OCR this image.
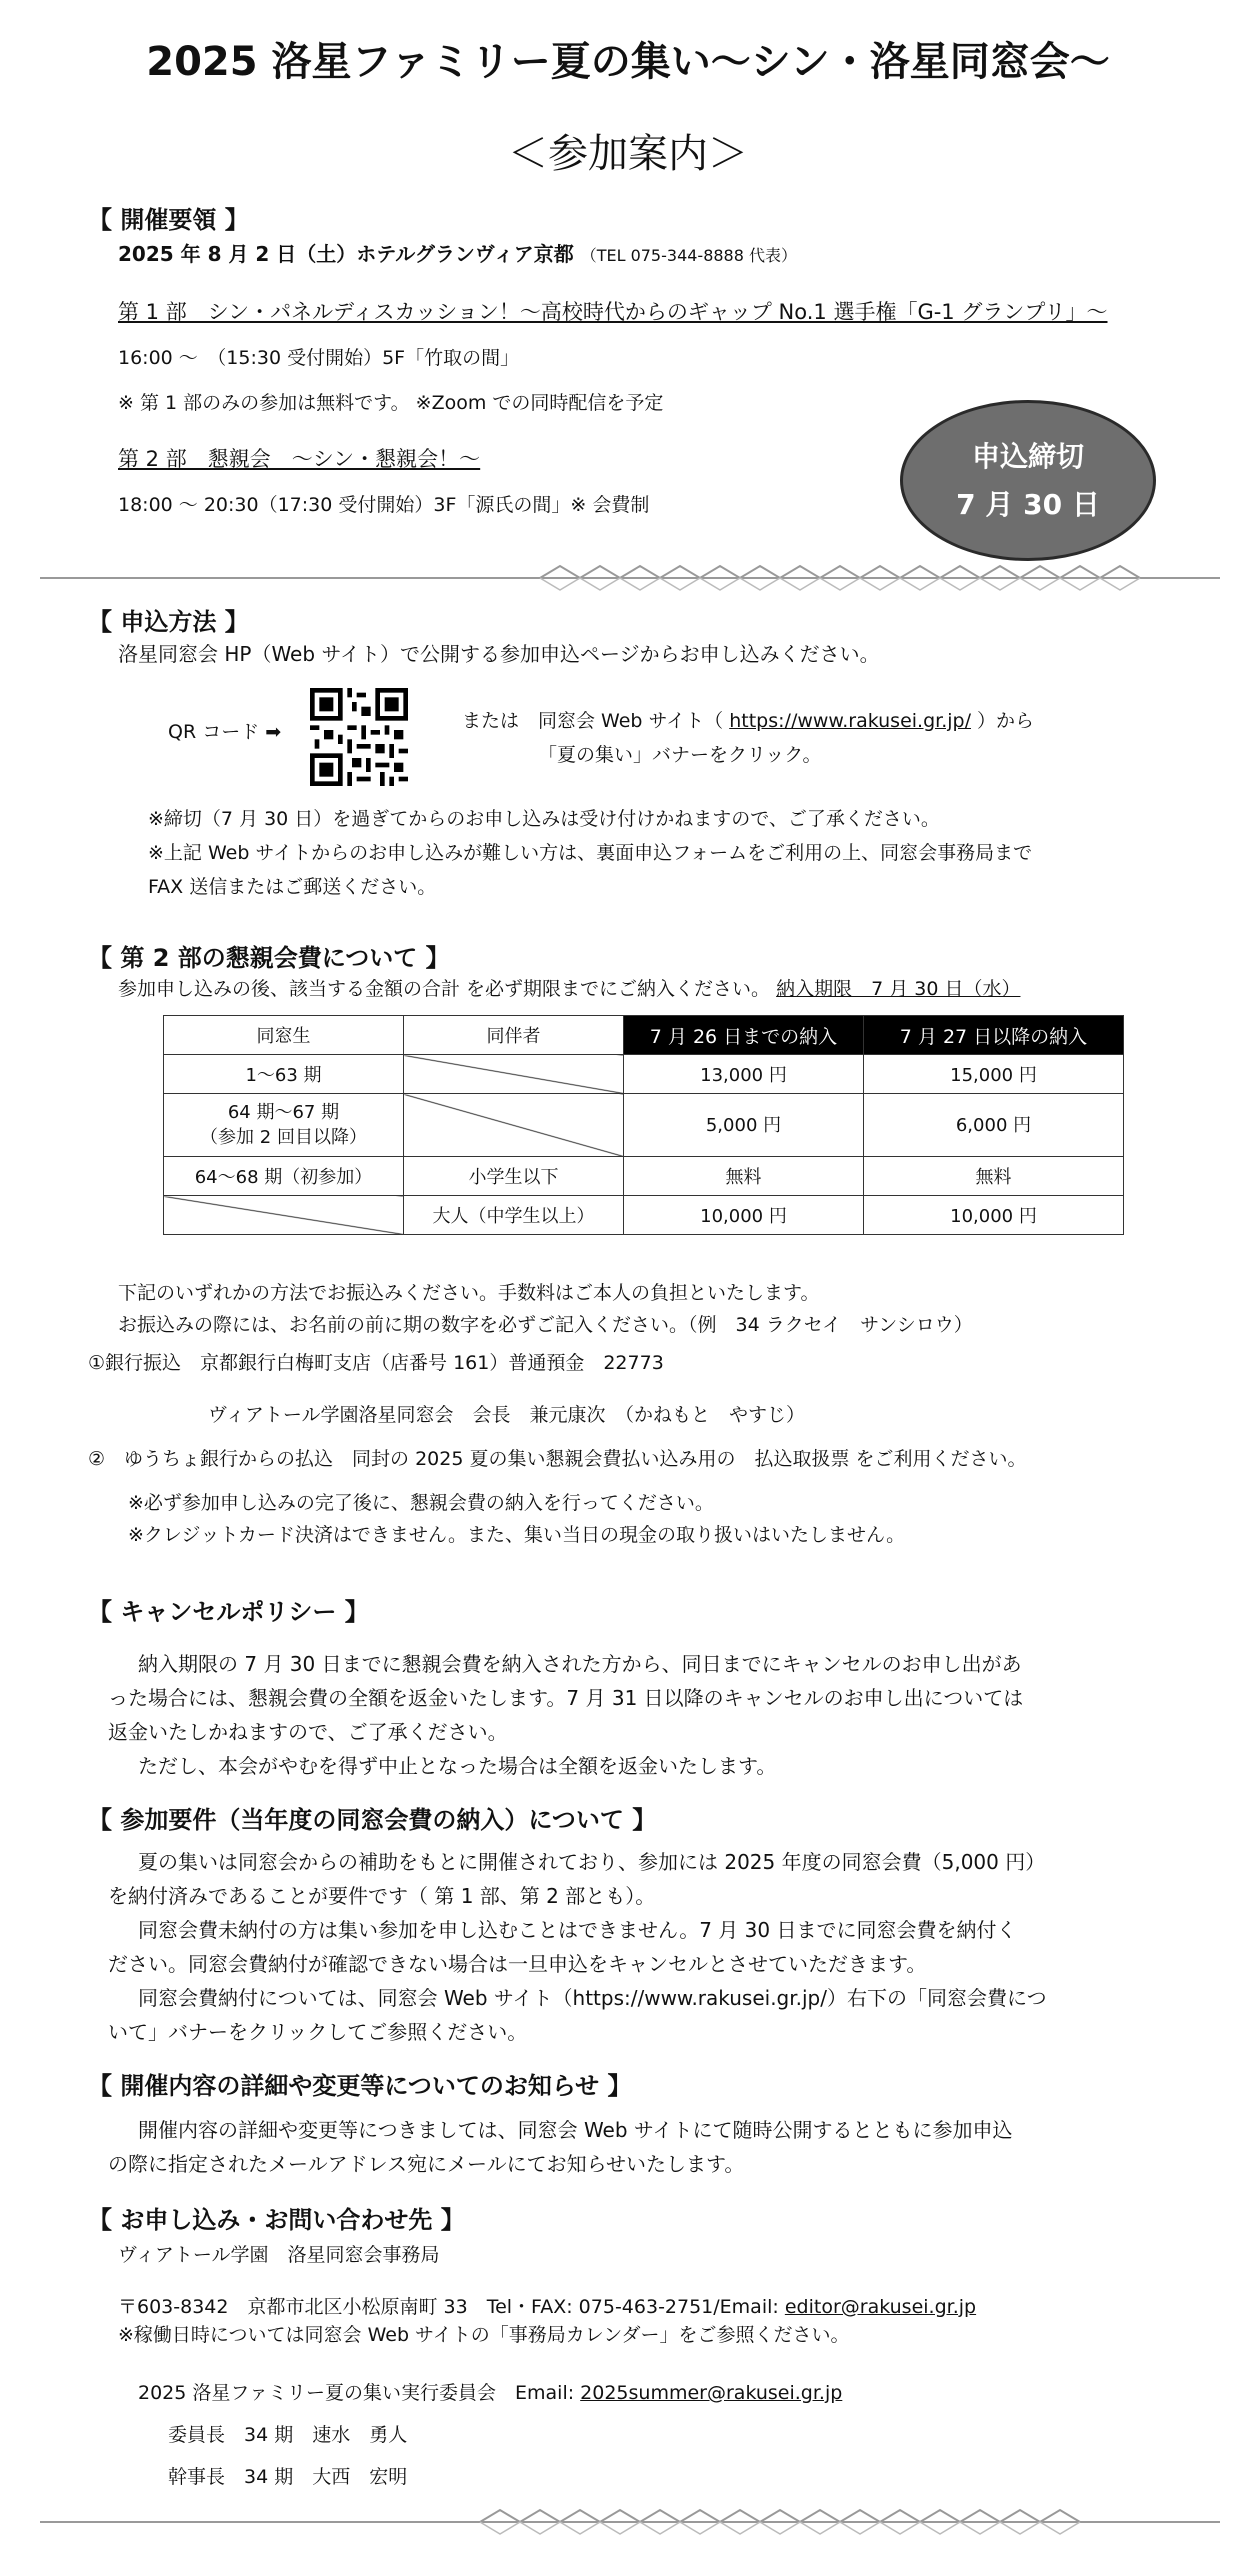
2025 洛星ファミリー夏の集い〜シン・洛星同窓会〜
＜参加案内＞
【 開催要領 】
2025 年 8 月 2 日（土）ホテルグランヴィア京都 （TEL 075-344-8888 代表）
第 1 部　シン・パネルディスカッション！～高校時代からのギャップ No.1 選手権「G-1 グランプリ」～
16:00 ～　（15:30 受付開始）5F「竹取の間」
※ 第 1 部のみの参加は無料です。 ※Zoom での同時配信を予定
第 2 部　懇親会　～シン・懇親会！～
18:00 ～ 20:30（17:30 受付開始）3F「源氏の間」※ 会費制
申込締切
7 月 30 日
【 申込方法 】
洛星同窓会 HP（Web サイト）で公開する参加申込ページからお申し込みください。
QR コード ➡	または　同窓会 Web サイト（ https://www.rakusei.gr.jp/ ）から
「夏の集い」バナーをクリック。
※締切（7 月 30 日）を過ぎてからのお申し込みは受け付けかねますので、ご了承ください。
※上記 Web サイトからのお申し込みが難しい方は、裏面申込フォームをご利用の上、同窓会事務局まで
FAX 送信またはご郵送ください。
【 第 2 部の懇親会費について 】
参加申し込みの後、該当する金額の合計 を必ず期限までにご納入ください。 納入期限　7 月 30 日（水）
同窓生	同伴者	7 月 26 日までの納入	7 月 27 日以降の納入
1～63 期		13,000 円	15,000 円

64 期～67 期
（参加 2 回目以降）		5,000 円	6,000 円
64～68 期（初参加）	小学生以下	無料	無料
	大人（中学生以上）	10,000 円	10,000 円
下記のいずれかの方法でお振込みください。手数料はご本人の負担といたします。
お振込みの際には、お名前の前に期の数字を必ずご記入ください。（例　34 ラクセイ　サンシロウ）
①銀行振込　京都銀行白梅町支店（店番号 161）普通預金　22773
ヴィアトール学園洛星同窓会　会長　兼元康次　（かねもと　やすじ）
②　ゆうちょ銀行からの払込　同封の 2025 夏の集い懇親会費払い込み用の　払込取扱票 をご利用ください。
※必ず参加申し込みの完了後に、懇親会費の納入を行ってください。
※クレジットカード決済はできません。また、集い当日の現金の取り扱いはいたしません。
【 キャンセルポリシー 】
納入期限の 7 月 30 日までに懇親会費を納入された方から、同日までにキャンセルのお申し出があ
った場合には、懇親会費の全額を返金いたします。7 月 31 日以降のキャンセルのお申し出については
返金いたしかねますので、ご了承ください。
ただし、本会がやむを得ず中止となった場合は全額を返金いたします。
【 参加要件（当年度の同窓会費の納入）について 】
夏の集いは同窓会からの補助をもとに開催されており、参加には 2025 年度の同窓会費（5,000 円）
を納付済みであることが要件です（ 第 1 部、第 2 部とも）。
同窓会費未納付の方は集い参加を申し込むことはできません。7 月 30 日までに同窓会費を納付く
ださい。同窓会費納付が確認できない場合は一旦申込をキャンセルとさせていただきます。
同窓会費納付については、同窓会 Web サイト（https://www.rakusei.gr.jp/）右下の「同窓会費につ
いて」バナーをクリックしてご参照ください。
【 開催内容の詳細や変更等についてのお知らせ 】
開催内容の詳細や変更等につきましては、同窓会 Web サイトにて随時公開するとともに参加申込
の際に指定されたメールアドレス宛にメールにてお知らせいたします。
【 お申し込み・お問い合わせ先 】
ヴィアトール学園　洛星同窓会事務局
〒603-8342　京都市北区小松原南町 33　Tel・FAX: 075-463-2751/Email: editor@rakusei.gr.jp
※稼働日時については同窓会 Web サイトの「事務局カレンダー」をご参照ください。
2025 洛星ファミリー夏の集い実行委員会　Email: 2025summer@rakusei.gr.jp
委員長　34 期　速水　勇人
幹事長　34 期　大西　宏明
